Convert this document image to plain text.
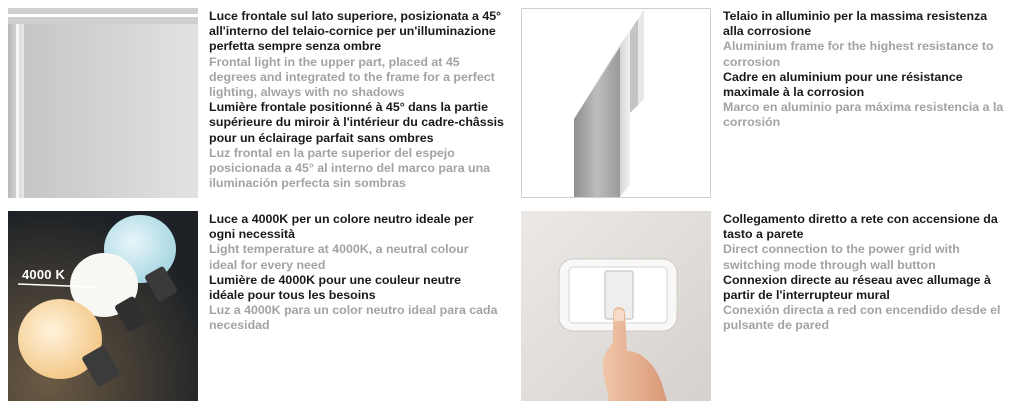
Luce frontale sul lato superiore, posizionata a 45° all'interno del telaio-cornice per un'illuminazione perfetta sempre senza ombre

Frontal light in the upper part, placed at 45 degrees and integrated to the frame for a perfect lighting, always with no shadows

Lumière frontale positionné à 45° dans la partie supérieure du miroir à l'intérieur du cadre-châssis pour un éclairage parfait sans ombres

Luz frontal en la parte superior del espejo posicionada a 45° al interno del marco para una iluminación perfecta sin sombras

Telaio in alluminio per la massima resistenza alla corrosione

Aluminium frame for the highest resistance to corrosion

Cadre en aluminium pour une résistance maximale à la corrosion

Marco en aluminio para máxima resistencia a la corrosión

4000 K

Luce a 4000K per un colore neutro ideale per ogni necessità

Light temperature at 4000K, a neutral colour ideal for every need

Lumière de 4000K pour une couleur neutre idéale pour tous les besoins

Luz a 4000K para un color neutro ideal para cada necesidad

Collegamento diretto a rete con accensione da tasto a parete

Direct connection to the power grid with switching mode through wall button

Connexion directe au réseau avec allumage à partir de l'interrupteur mural

Conexión directa a red con encendido desde el pulsante de pared
